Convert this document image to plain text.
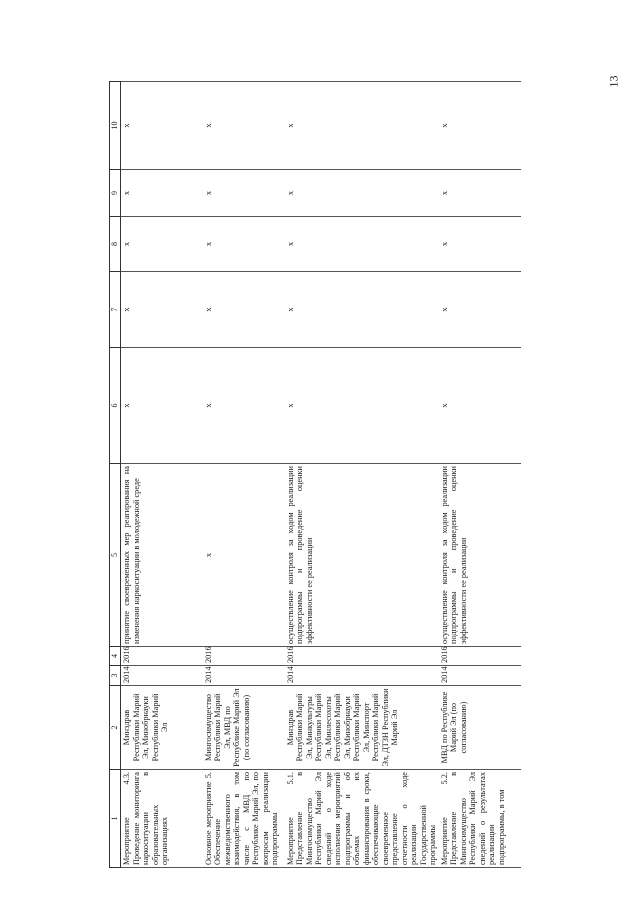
13
1	2	3	4	5	6	7	8	9	10
Мероприятие 4.3. Проведение мониторинга наркоситуации в образовательных организациях	Минздрав Республики Марий Эл, Минобрнауки Республики Марий Эл	2014	2016	принятие своевременных мер реагирования на изменения наркоситуации в молодежной среде	x	x	x	x	x
Основное мероприятие 5. Обеспечение межведомственного взаимодействия, в том числе с МВД по Республике Марий Эл, по вопросам реализации подпрограммы	Мингосимущество Республики Марий Эл, МВД по Республике Марий Эл (по согласованию)	2014	2016	x	x	x	x	x	x
Мероприятие 5.1. Представление в Мингосимущество Республики Марий Эл сведений о ходе исполнения мероприятий подпрограммы и об объемах их финансирования в сроки, обеспечивающие своевременное представление отчетности о ходе реализации Государственной программы	Минздрав Республики Марий Эл, Минкультуры Республики Марий Эл, Минлесохоты Республики Марий Эл, Минобрнауки Республики Марий Эл, Минспорт Республики Марий Эл, ДТЗН Республики Марий Эл	2014	2016	осуществление контроля за ходом реализации подпрограммы и проведение оценки эффективности ее реализации	x	x	x	x	x
Мероприятие 5.2. Представление в Мингосимущество Республики Марий Эл сведений о результатах реализации подпрограммы, в том	МВД по Республике Марий Эл (по согласованию)	2014	2016	осуществление контроля за ходом реализации подпрограммы и проведение оценки эффективности ее реализации	x	x	x	x	x
